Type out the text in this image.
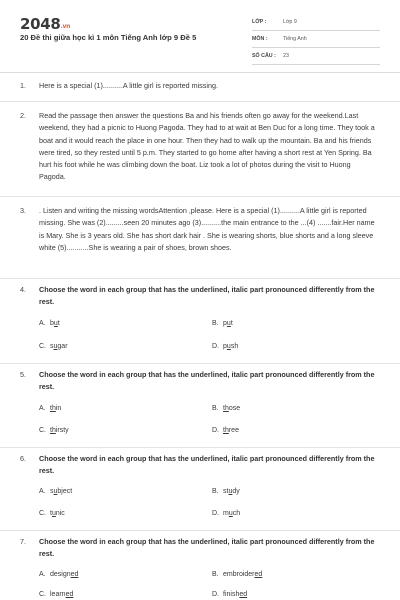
2048.vn
20 Đề thi giữa học kì 1 môn Tiếng Anh lớp 9 Đề 5
LỚP :	Lớp 9
MÔN :	Tiếng Anh
SỐ CÂU :	23
1. Here is a special (1)..........A little girl is reported missing.
2. Read the passage then answer the questions Ba and his friends often go away for the weekend.Last weekend, they had a picnic to Huong Pagoda. They had to at wait at Ben Duc for a long time. They took a boat and it would reach the place in one hour. Then they had to walk up the mountain. Ba and his friends were tired, so they rested until 5 p.m. They started to go home after having a short rest at Yen Spring. Ba hurt his foot while he was climbing down the boat. Liz took a lot of photos during the visit to Huong Pagoda.
3. . Listen and writing the missing wordsAttention ,please. Here is a special (1)..........A little girl is reported missing. She was (2).........seen 20 minutes ago (3)..........the main entrance to the ...(4) .......fair.Her name is Mary. She is 3 years old. She has short dark hair . She is wearing shorts, blue shorts and a long sleeve white (5)...........She is wearing a pair of shoes, brown shoes.
4. Choose the word in each group that has the underlined, italic part pronounced differently from the rest.
A. but	B. put
C. sugar	D. push
5. Choose the word in each group that has the underlined, italic part pronounced differently from the rest.
A. thin	B. those
C. thirsty	D. three
6. Choose the word in each group that has the underlined, italic part pronounced differently from the rest.
A. subject	B. study
C. tunic	D. much
7. Choose the word in each group that has the underlined, italic part pronounced differently from the rest.
A. designed	B. embroidered
C. learned	D. finished
